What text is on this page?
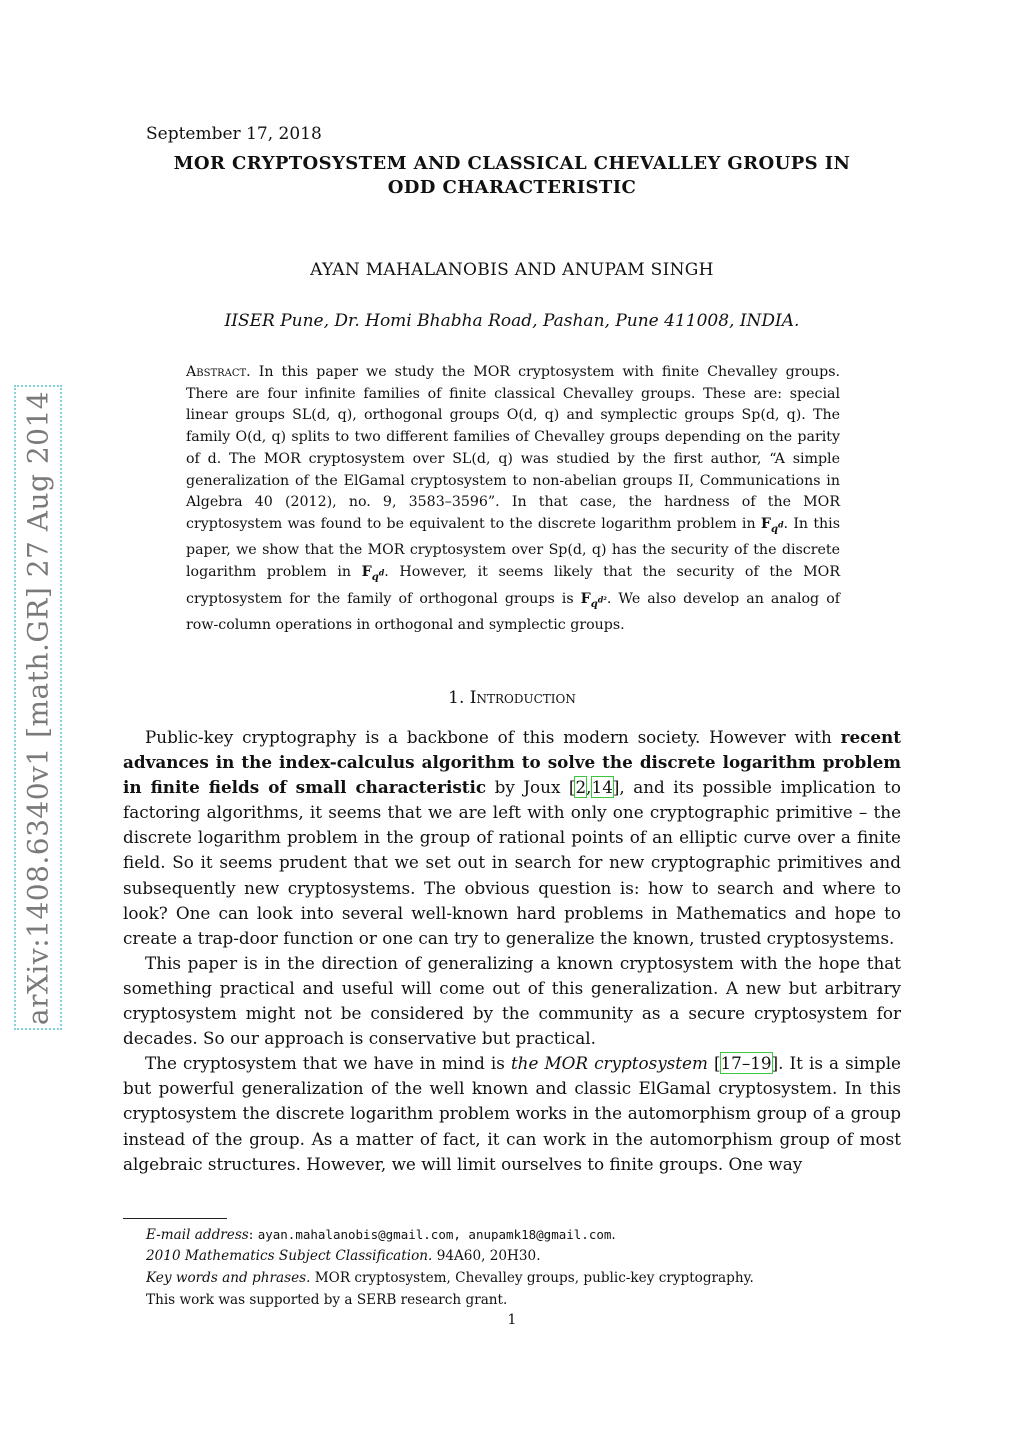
arXiv:1408.6340v1 [math.GR] 27 Aug 2014
September 17, 2018
MOR CRYPTOSYSTEM AND CLASSICAL CHEVALLEY GROUPS IN
ODD CHARACTERISTIC
AYAN MAHALANOBIS AND ANUPAM SINGH
IISER Pune, Dr. Homi Bhabha Road, Pashan, Pune 411008, INDIA.
Abstract. In this paper we study the MOR cryptosystem with finite Chevalley groups. There are four infinite families of finite classical Chevalley groups. These are: special linear groups SL(d, q), orthogonal groups O(d, q) and symplectic groups Sp(d, q). The family O(d, q) splits to two different families of Chevalley groups depending on the parity of d. The MOR cryptosystem over SL(d, q) was studied by the first author, “A simple generalization of the ElGamal cryptosystem to non-abelian groups II, Communications in Algebra 40 (2012), no. 9, 3583–3596”. In that case, the hardness of the MOR cryptosystem was found to be equivalent to the discrete logarithm problem in $F_{q^d}$. In this paper, we show that the MOR cryptosystem over Sp(d, q) has the security of the discrete logarithm problem in $F_{q^d}$. However, it seems likely that the security of the MOR cryptosystem for the family of orthogonal groups is $F_{q^{d^2}}$. We also develop an analog of row-column operations in orthogonal and symplectic groups.
1. Introduction

Public-key cryptography is a backbone of this modern society. However with recent advances in the index-calculus algorithm to solve the discrete logarithm problem in finite fields of small characteristic by Joux [2,14], and its possible implication to factoring algorithms, it seems that we are left with only one cryptographic primitive – the discrete logarithm problem in the group of rational points of an elliptic curve over a finite field. So it seems prudent that we set out in search for new cryptographic primitives and subsequently new cryptosystems. The obvious question is: how to search and where to look? One can look into several well-known hard problems in Mathematics and hope to create a trap-door function or one can try to generalize the known, trusted cryptosystems.

This paper is in the direction of generalizing a known cryptosystem with the hope that something practical and useful will come out of this generalization. A new but arbitrary cryptosystem might not be considered by the community as a secure cryptosystem for decades. So our approach is conservative but practical.

The cryptosystem that we have in mind is the MOR cryptosystem [17–19]. It is a simple but powerful generalization of the well known and classic ElGamal cryptosystem. In this cryptosystem the discrete logarithm problem works in the automorphism group of a group instead of the group. As a matter of fact, it can work in the automorphism group of most algebraic structures. However, we will limit ourselves to finite groups. One way

E-mail address: ayan.mahalanobis@gmail.com, anupamk18@gmail.com.
2010 Mathematics Subject Classification. 94A60, 20H30.
Key words and phrases. MOR cryptosystem, Chevalley groups, public-key cryptography.
This work was supported by a SERB research grant.
1
